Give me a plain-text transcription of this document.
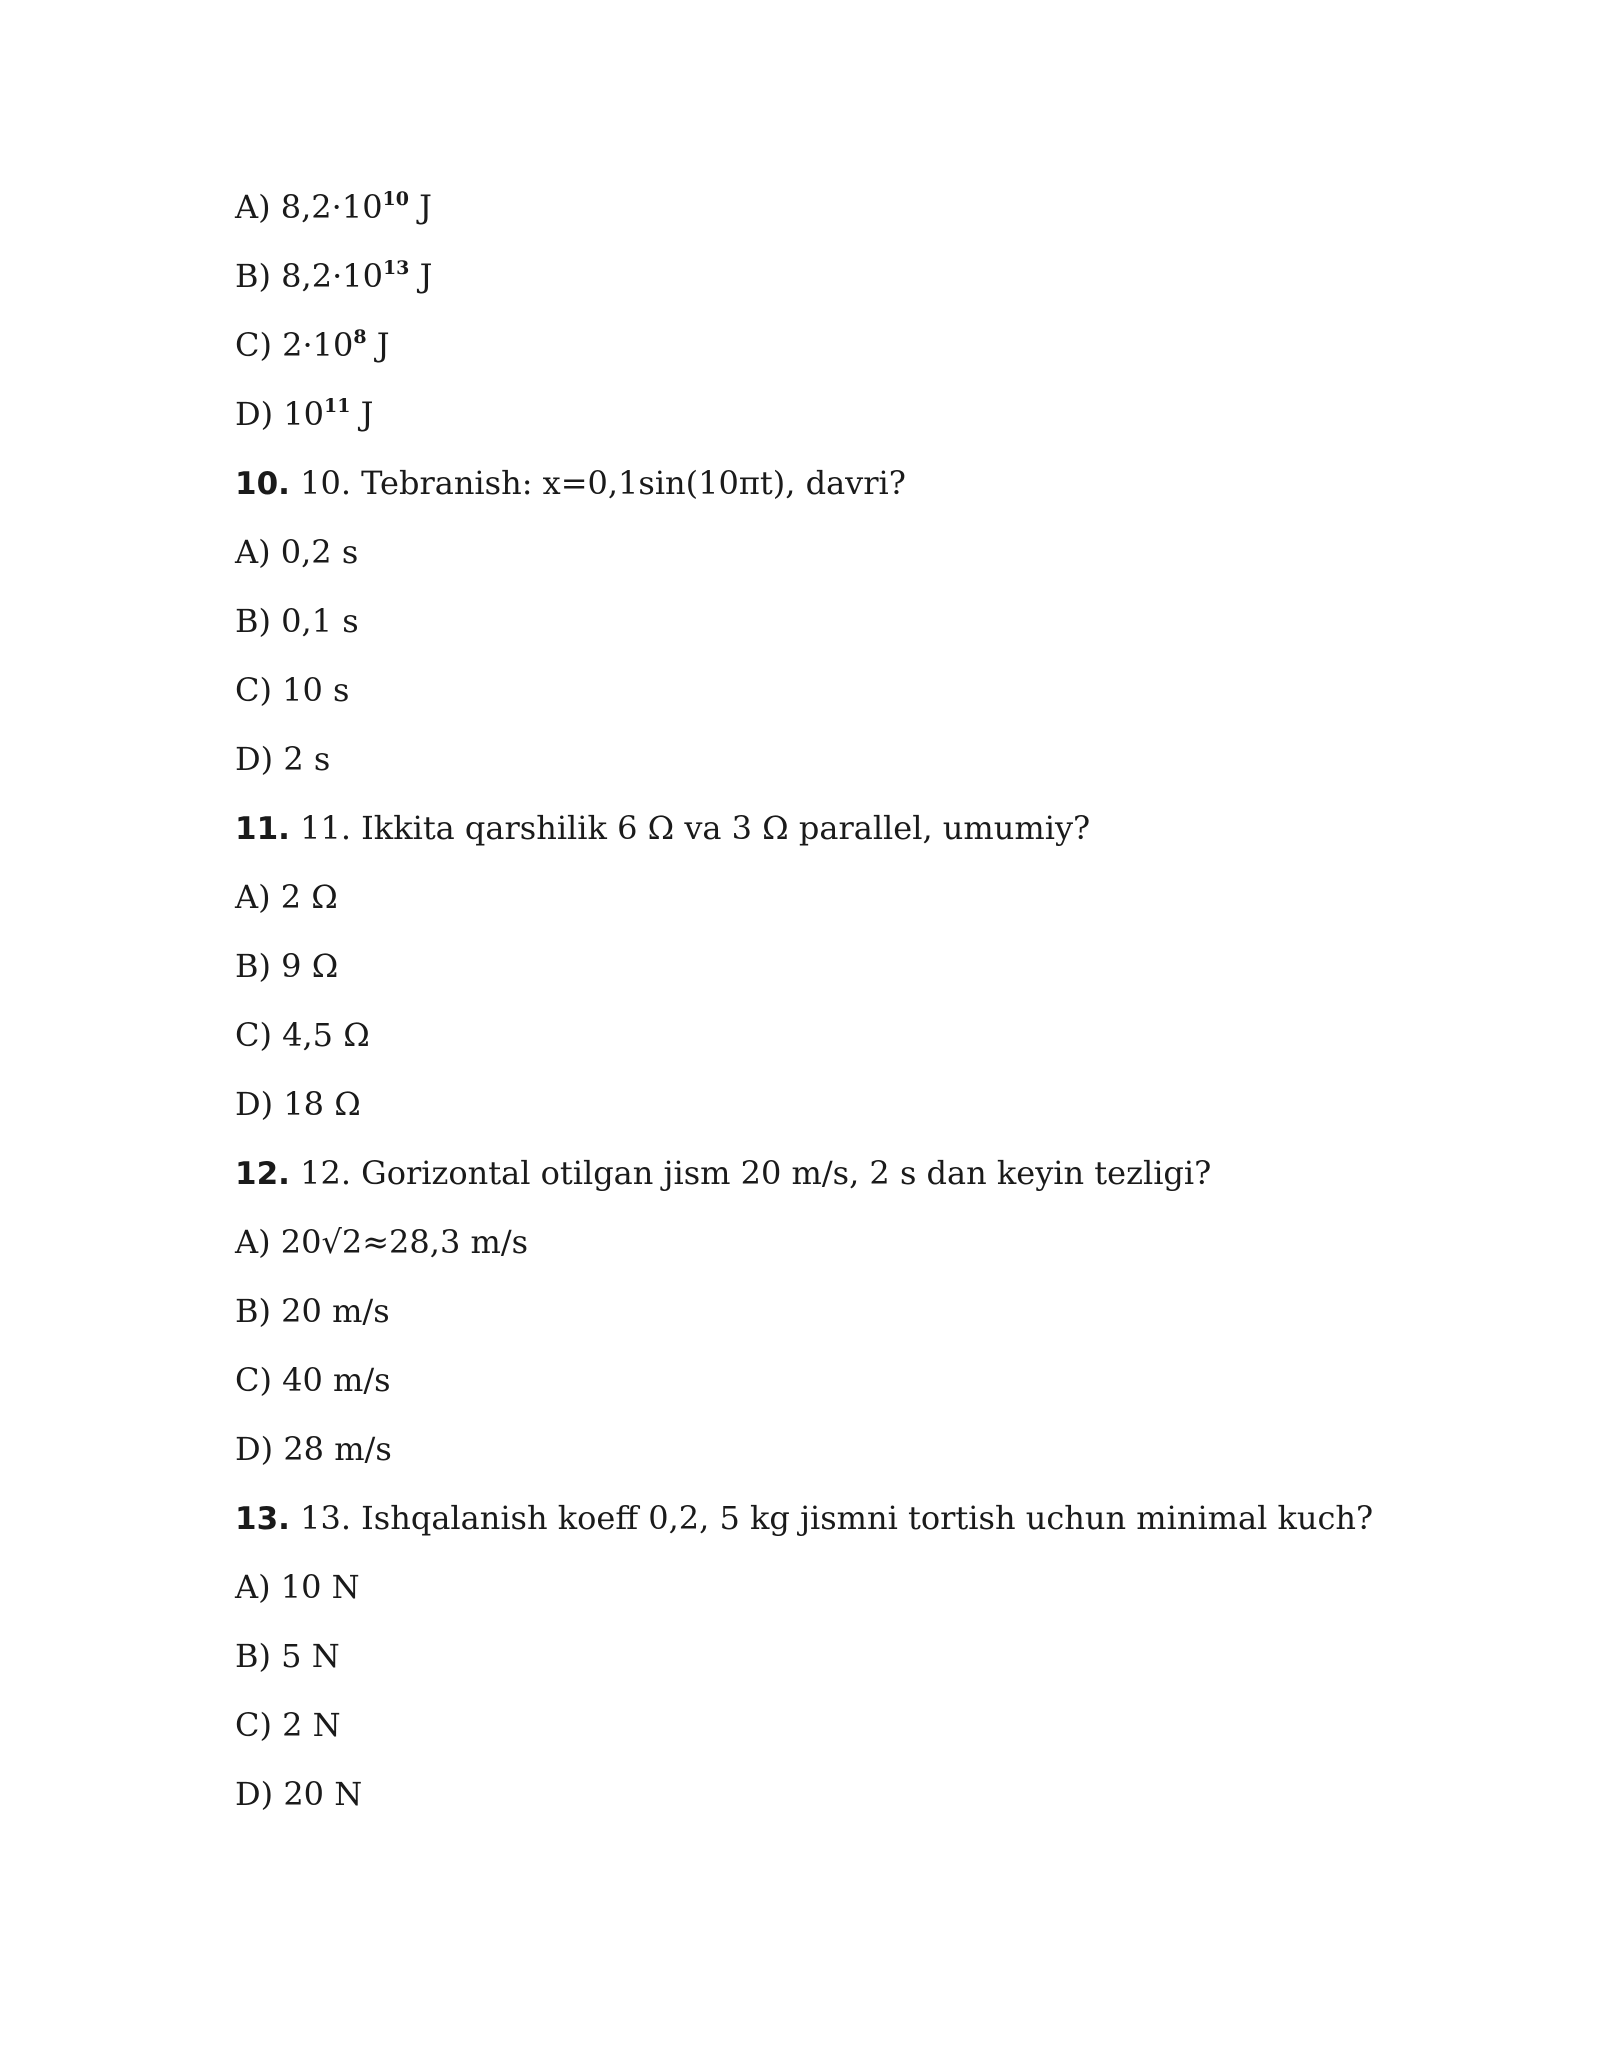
A) $8,2\cdot 10^{10}$ J
B) $8,2\cdot 10^{13}$ J
C) $2\cdot 10^8$ J
D) $10^{11}$ J
10. 10. Tebranish: x=0,1sin(10πt), davri?
A) 0,2 s
B) 0,1 s
C) 10 s
D) 2 s
11. 11. Ikkita qarshilik 6 Ω va 3 Ω parallel, umumiy?
A) 2 Ω
B) 9 Ω
C) 4,5 Ω
D) 18 Ω
12. 12. Gorizontal otilgan jism 20 m/s, 2 s dan keyin tezligi?
A) 20√2≈28,3 m/s
B) 20 m/s
C) 40 m/s
D) 28 m/s
13. 13. Ishqalanish koeff 0,2, 5 kg jismni tortish uchun minimal kuch?
A) 10 N
B) 5 N
C) 2 N
D) 20 N
